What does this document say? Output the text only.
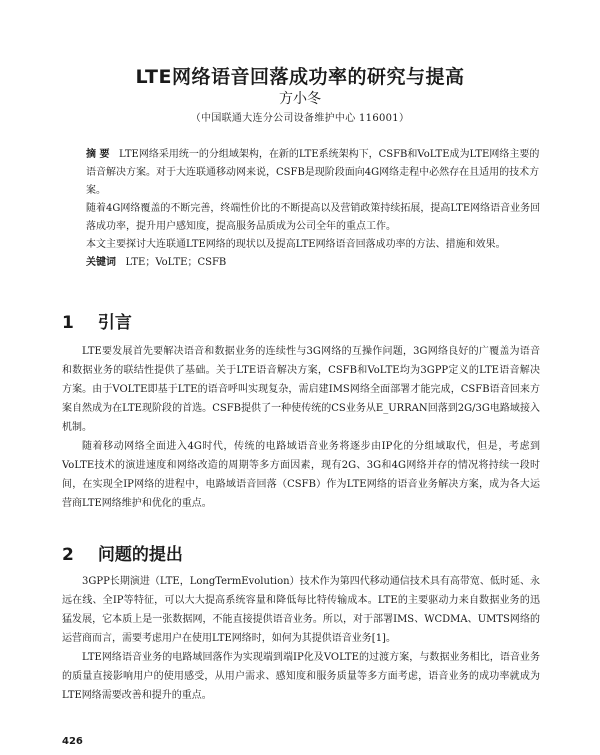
LTE网络语音回落成功率的研究与提高
方小冬
（中国联通大连分公司设备维护中心 116001）

摘 要 LTE网络采用统一的分组域架构，在新的LTE系统架构下，CSFB和VoLTE成为LTE网络主要的语音解决方案。对于大连联通移动网来说，CSFB是现阶段面向4G网络走程中必然存在且适用的技术方案。

随着4G网络覆盖的不断完善，终端性价比的不断提高以及营销政策持续拓展，提高LTE网络语音业务回落成功率，提升用户感知度，提高服务品质成为公司全年的重点工作。

本文主要探讨大连联通LTE网络的现状以及提高LTE网络语音回落成功率的方法、措施和效果。

关键词 LTE；VoLTE；CSFB

1 引言

LTE要发展首先要解决语音和数据业务的连续性与3G网络的互操作问题，3G网络良好的广覆盖为语音和数据业务的联结性提供了基础。关于LTE语音解决方案，CSFB和VoLTE均为3GPP定义的LTE语音解决方案。由于VOLTE即基于LTE的语音呼叫实现复杂，需启建IMS网络全面部署才能完成，CSFB语音回来方案自然成为在LTE现阶段的首选。CSFB提供了一种使传统的CS业务从E_URRAN回落到2G/3G电路域接入机制。

随着移动网络全面进入4G时代，传统的电路域语音业务将逐步由IP化的分组域取代，但是，考虑到VoLTE技术的演进速度和网络改造的周期等多方面因素，现有2G、3G和4G网络并存的情况将持续一段时间，在实现全IP网络的进程中，电路域语音回落（CSFB）作为LTE网络的语音业务解决方案，成为各大运营商LTE网络维护和优化的重点。

2 问题的提出

3GPP长期演进（LTE，LongTermEvolution）技术作为第四代移动通信技术具有高带宽、低时延、永远在线、全IP等特征，可以大大提高系统容量和降低每比特传输成本。LTE的主要驱动力来自数据业务的迅猛发展，它本质上是一张数据网，不能直接提供语音业务。所以，对于部署IMS、WCDMA、UMTS网络的运营商而言，需要考虑用户在使用LTE网络时，如何为其提供语音业务[1]。

LTE网络语音业务的电路域回落作为实现端到端IP化及VOLTE的过渡方案，与数据业务相比，语音业务的质量直接影响用户的使用感受，从用户需求、感知度和服务质量等多方面考虑，语音业务的成功率就成为LTE网络需要改善和提升的重点。

426
